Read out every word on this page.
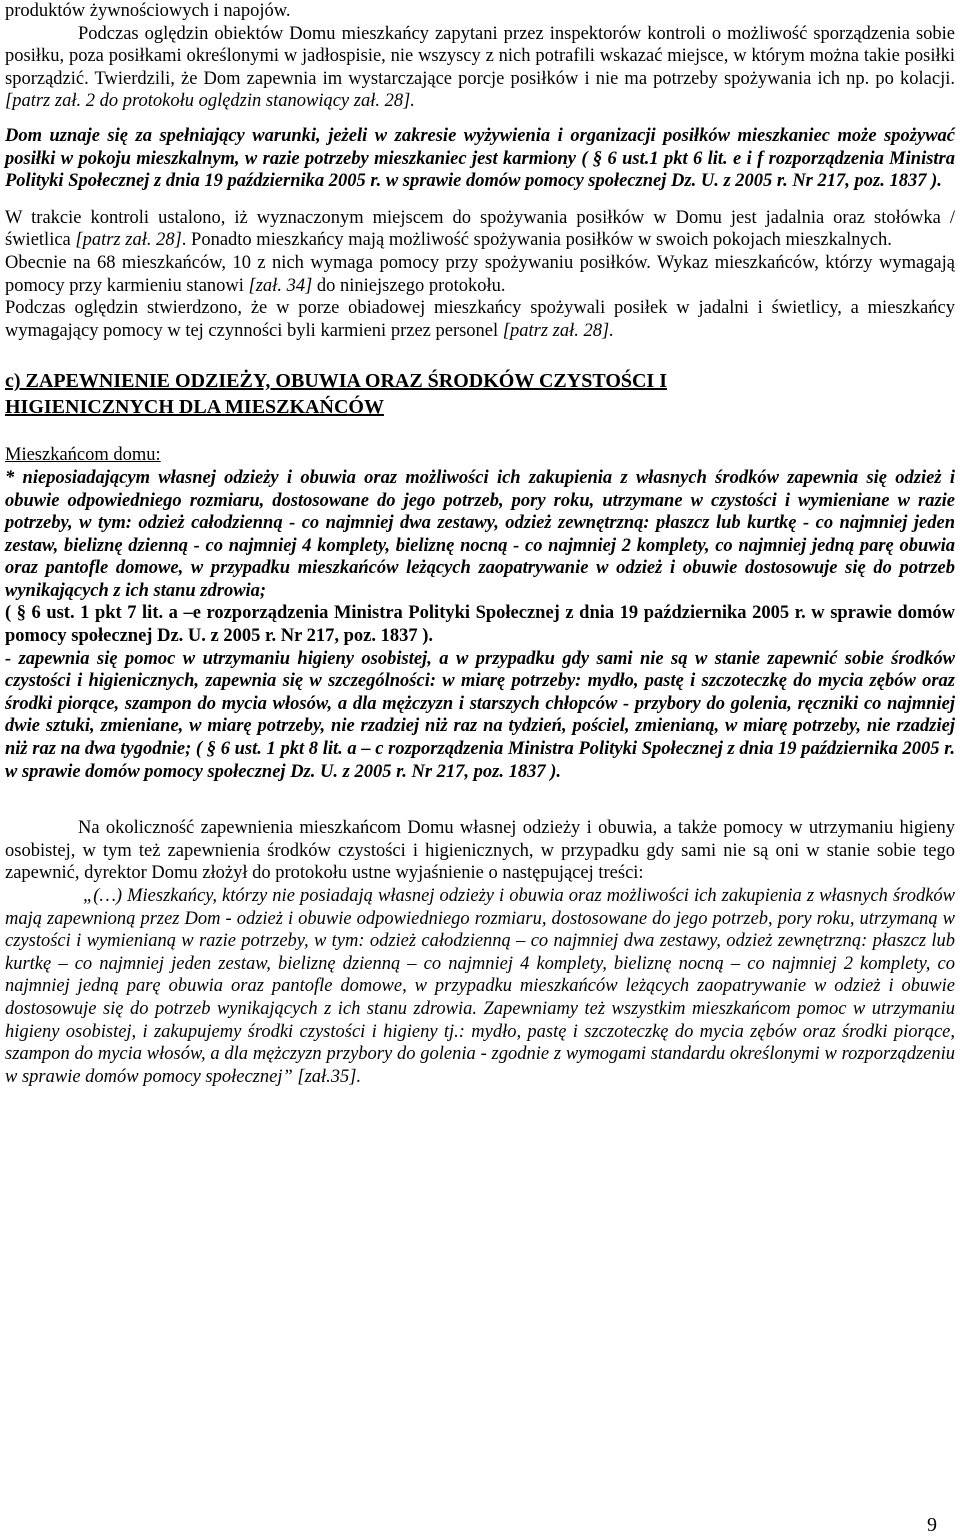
produktów żywnościowych i napojów.

Podczas oględzin obiektów Domu mieszkańcy zapytani przez inspektorów kontroli o możliwość sporządzenia sobie posiłku, poza posiłkami określonymi w jadłospisie, nie wszyscy z nich potrafili wskazać miejsce, w którym można takie posiłki sporządzić. Twierdzili, że Dom zapewnia im wystarczające porcje posiłków i nie ma potrzeby spożywania ich np. po kolacji. [patrz zał. 2 do protokołu oględzin stanowiący zał. 28].

Dom uznaje się za spełniający warunki, jeżeli w zakresie wyżywienia i organizacji posiłków mieszkaniec może spożywać posiłki w pokoju mieszkalnym, w razie potrzeby mieszkaniec jest karmiony ( § 6 ust.1 pkt 6 lit. e i f rozporządzenia Ministra Polityki Społecznej z dnia 19 października 2005 r. w sprawie domów pomocy społecznej Dz. U. z 2005 r. Nr 217, poz. 1837 ).

W trakcie kontroli ustalono, iż wyznaczonym miejscem do spożywania posiłków w Domu jest jadalnia oraz stołówka / świetlica [patrz zał. 28]. Ponadto mieszkańcy mają możliwość spożywania posiłków w swoich pokojach mieszkalnych.

Obecnie na 68 mieszkańców, 10 z nich wymaga pomocy przy spożywaniu posiłków. Wykaz mieszkańców, którzy wymagają pomocy przy karmieniu stanowi [zał. 34] do niniejszego protokołu.

Podczas oględzin stwierdzono, że w porze obiadowej mieszkańcy spożywali posiłek w jadalni i świetlicy, a mieszkańcy wymagający pomocy w tej czynności byli karmieni przez personel [patrz zał. 28].

c) ZAPEWNIENIE ODZIEŻY, OBUWIA ORAZ ŚRODKÓW CZYSTOŚCI I

HIGIENICZNYCH DLA MIESZKAŃCÓW

Mieszkańcom domu:

* nieposiadającym własnej odzieży i obuwia oraz możliwości ich zakupienia z własnych środków zapewnia się odzież i obuwie odpowiedniego rozmiaru, dostosowane do jego potrzeb, pory roku, utrzymane w czystości i wymieniane w razie potrzeby, w tym: odzież całodzienną - co najmniej dwa zestawy, odzież zewnętrzną: płaszcz lub kurtkę - co najmniej jeden zestaw, bieliznę dzienną - co najmniej 4 komplety, bieliznę nocną - co najmniej 2 komplety, co najmniej jedną parę obuwia oraz pantofle domowe, w przypadku mieszkańców leżących zaopatrywanie w odzież i obuwie dostosowuje się do potrzeb wynikających z ich stanu zdrowia;

( § 6 ust. 1 pkt 7 lit. a –e rozporządzenia Ministra Polityki Społecznej z dnia 19 października 2005 r. w sprawie domów pomocy społecznej Dz. U. z 2005 r. Nr 217, poz. 1837 ).

- zapewnia się pomoc w utrzymaniu higieny osobistej, a w przypadku gdy sami nie są w stanie zapewnić sobie środków czystości i higienicznych, zapewnia się w szczególności: w miarę potrzeby: mydło, pastę i szczoteczkę do mycia zębów oraz środki piorące, szampon do mycia włosów, a dla mężczyzn i starszych chłopców - przybory do golenia, ręczniki co najmniej dwie sztuki, zmieniane, w miarę potrzeby, nie rzadziej niż raz na tydzień, pościel, zmienianą, w miarę potrzeby, nie rzadziej niż raz na dwa tygodnie; ( § 6 ust. 1 pkt 8 lit. a – c rozporządzenia Ministra Polityki Społecznej z dnia 19 października 2005 r. w sprawie domów pomocy społecznej Dz. U. z 2005 r. Nr 217, poz. 1837 ).

Na okoliczność zapewnienia mieszkańcom Domu własnej odzieży i obuwia, a także pomocy w utrzymaniu higieny osobistej, w tym też zapewnienia środków czystości i higienicznych, w przypadku gdy sami nie są oni w stanie sobie tego zapewnić, dyrektor Domu złożył do protokołu ustne wyjaśnienie o następującej treści:

„(…) Mieszkańcy, którzy nie posiadają własnej odzieży i obuwia oraz możliwości ich zakupienia z własnych środków mają zapewnioną przez Dom - odzież i obuwie odpowiedniego rozmiaru, dostosowane do jego potrzeb, pory roku, utrzymaną w czystości i wymienianą w razie potrzeby, w tym: odzież całodzienną – co najmniej dwa zestawy, odzież zewnętrzną: płaszcz lub kurtkę – co najmniej jeden zestaw, bieliznę dzienną – co najmniej 4 komplety, bieliznę nocną – co najmniej 2 komplety, co najmniej jedną parę obuwia oraz pantofle domowe, w przypadku mieszkańców leżących zaopatrywanie w odzież i obuwie dostosowuje się do potrzeb wynikających z ich stanu zdrowia. Zapewniamy też wszystkim mieszkańcom pomoc w utrzymaniu higieny osobistej, i zakupujemy środki czystości i higieny tj.: mydło, pastę i szczoteczkę do mycia zębów oraz środki piorące, szampon do mycia włosów, a dla mężczyzn przybory do golenia - zgodnie z wymogami standardu określonymi w rozporządzeniu w sprawie domów pomocy społecznej” [zał.35].

9
